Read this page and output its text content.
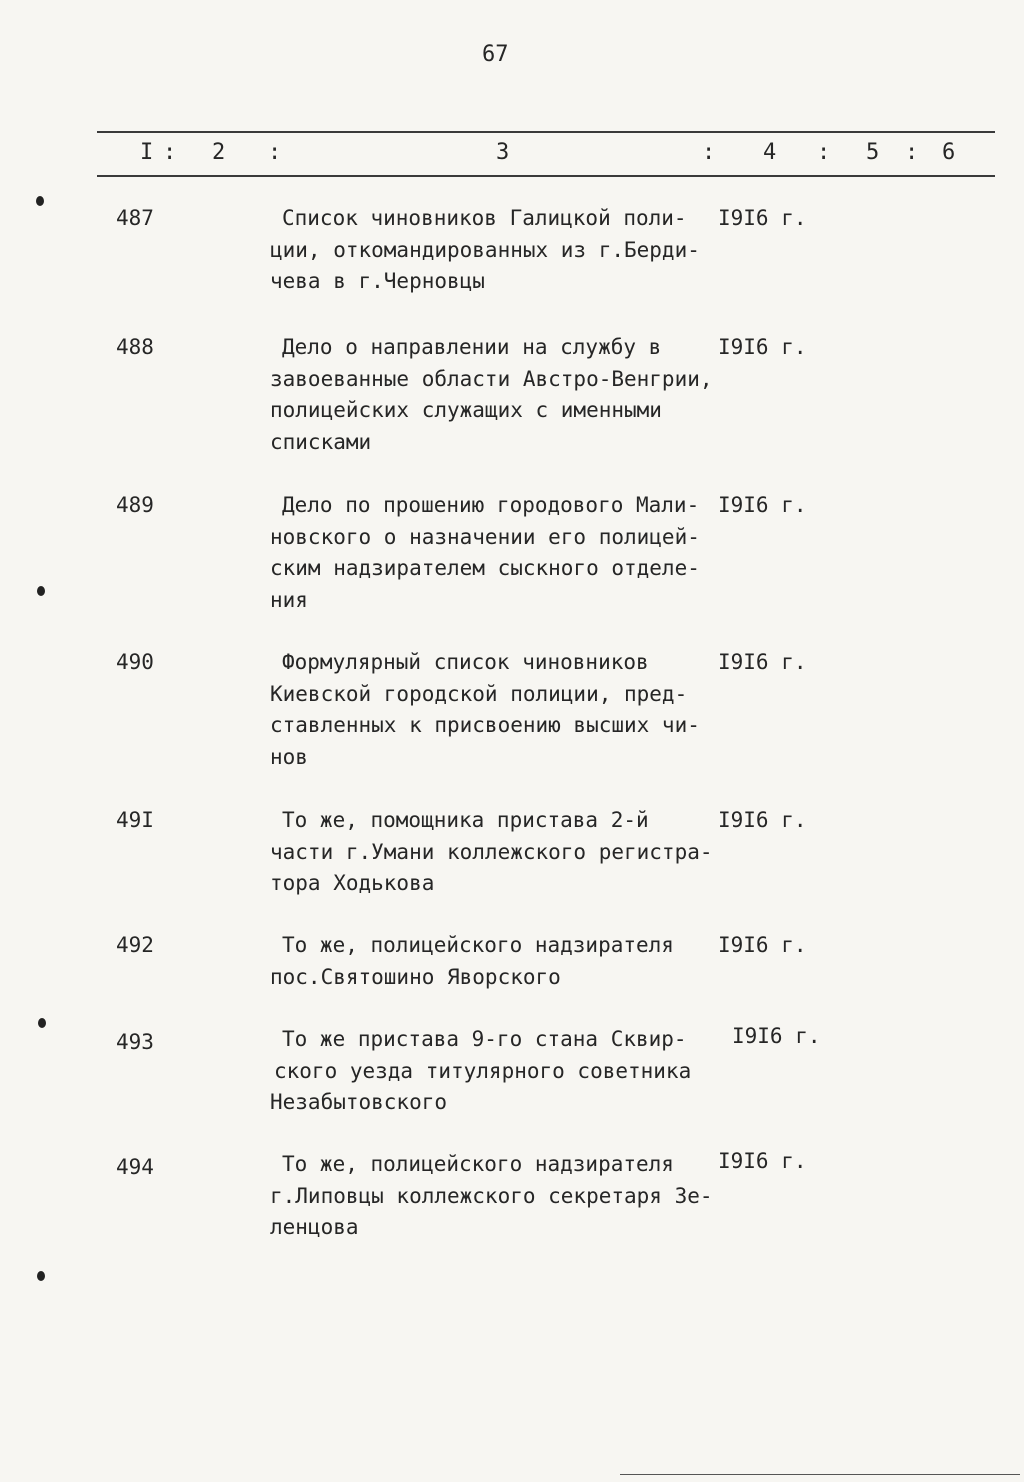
67
I : 2 :	3	: 4 : 5 : 6
487	Список чиновников Галицкой поли-
ции, откомандированных из г.Берди-
чева в г.Черновцы
I9I6 г.
488	Дело о направлении на службу в
завоеванные области Австро-Венгрии,
полицейских служащих с именными
списками
I9I6 г.
489	Дело по прошению городового Мали-
новского о назначении его полицей-
ским надзирателем сыскного отделе-
ния
I9I6 г.
490	Формулярный список чиновников
Киевской городской полиции, пред-
ставленных к присвоению высших чи-
нов
I9I6 г.
49I	То же, помощника пристава 2-й
части г.Умани коллежского регистра-
тора Ходькова
I9I6 г.
492	То же, полицейского надзирателя
пос.Святошино Яворского
I9I6 г.
493	То же пристава 9-го стана Сквир-
ского уезда титулярного советника
Незабытовского
I9I6 г.
494	То же, полицейского надзирателя
г.Липовцы коллежского секретаря Зе-
ленцова
I9I6 г.
